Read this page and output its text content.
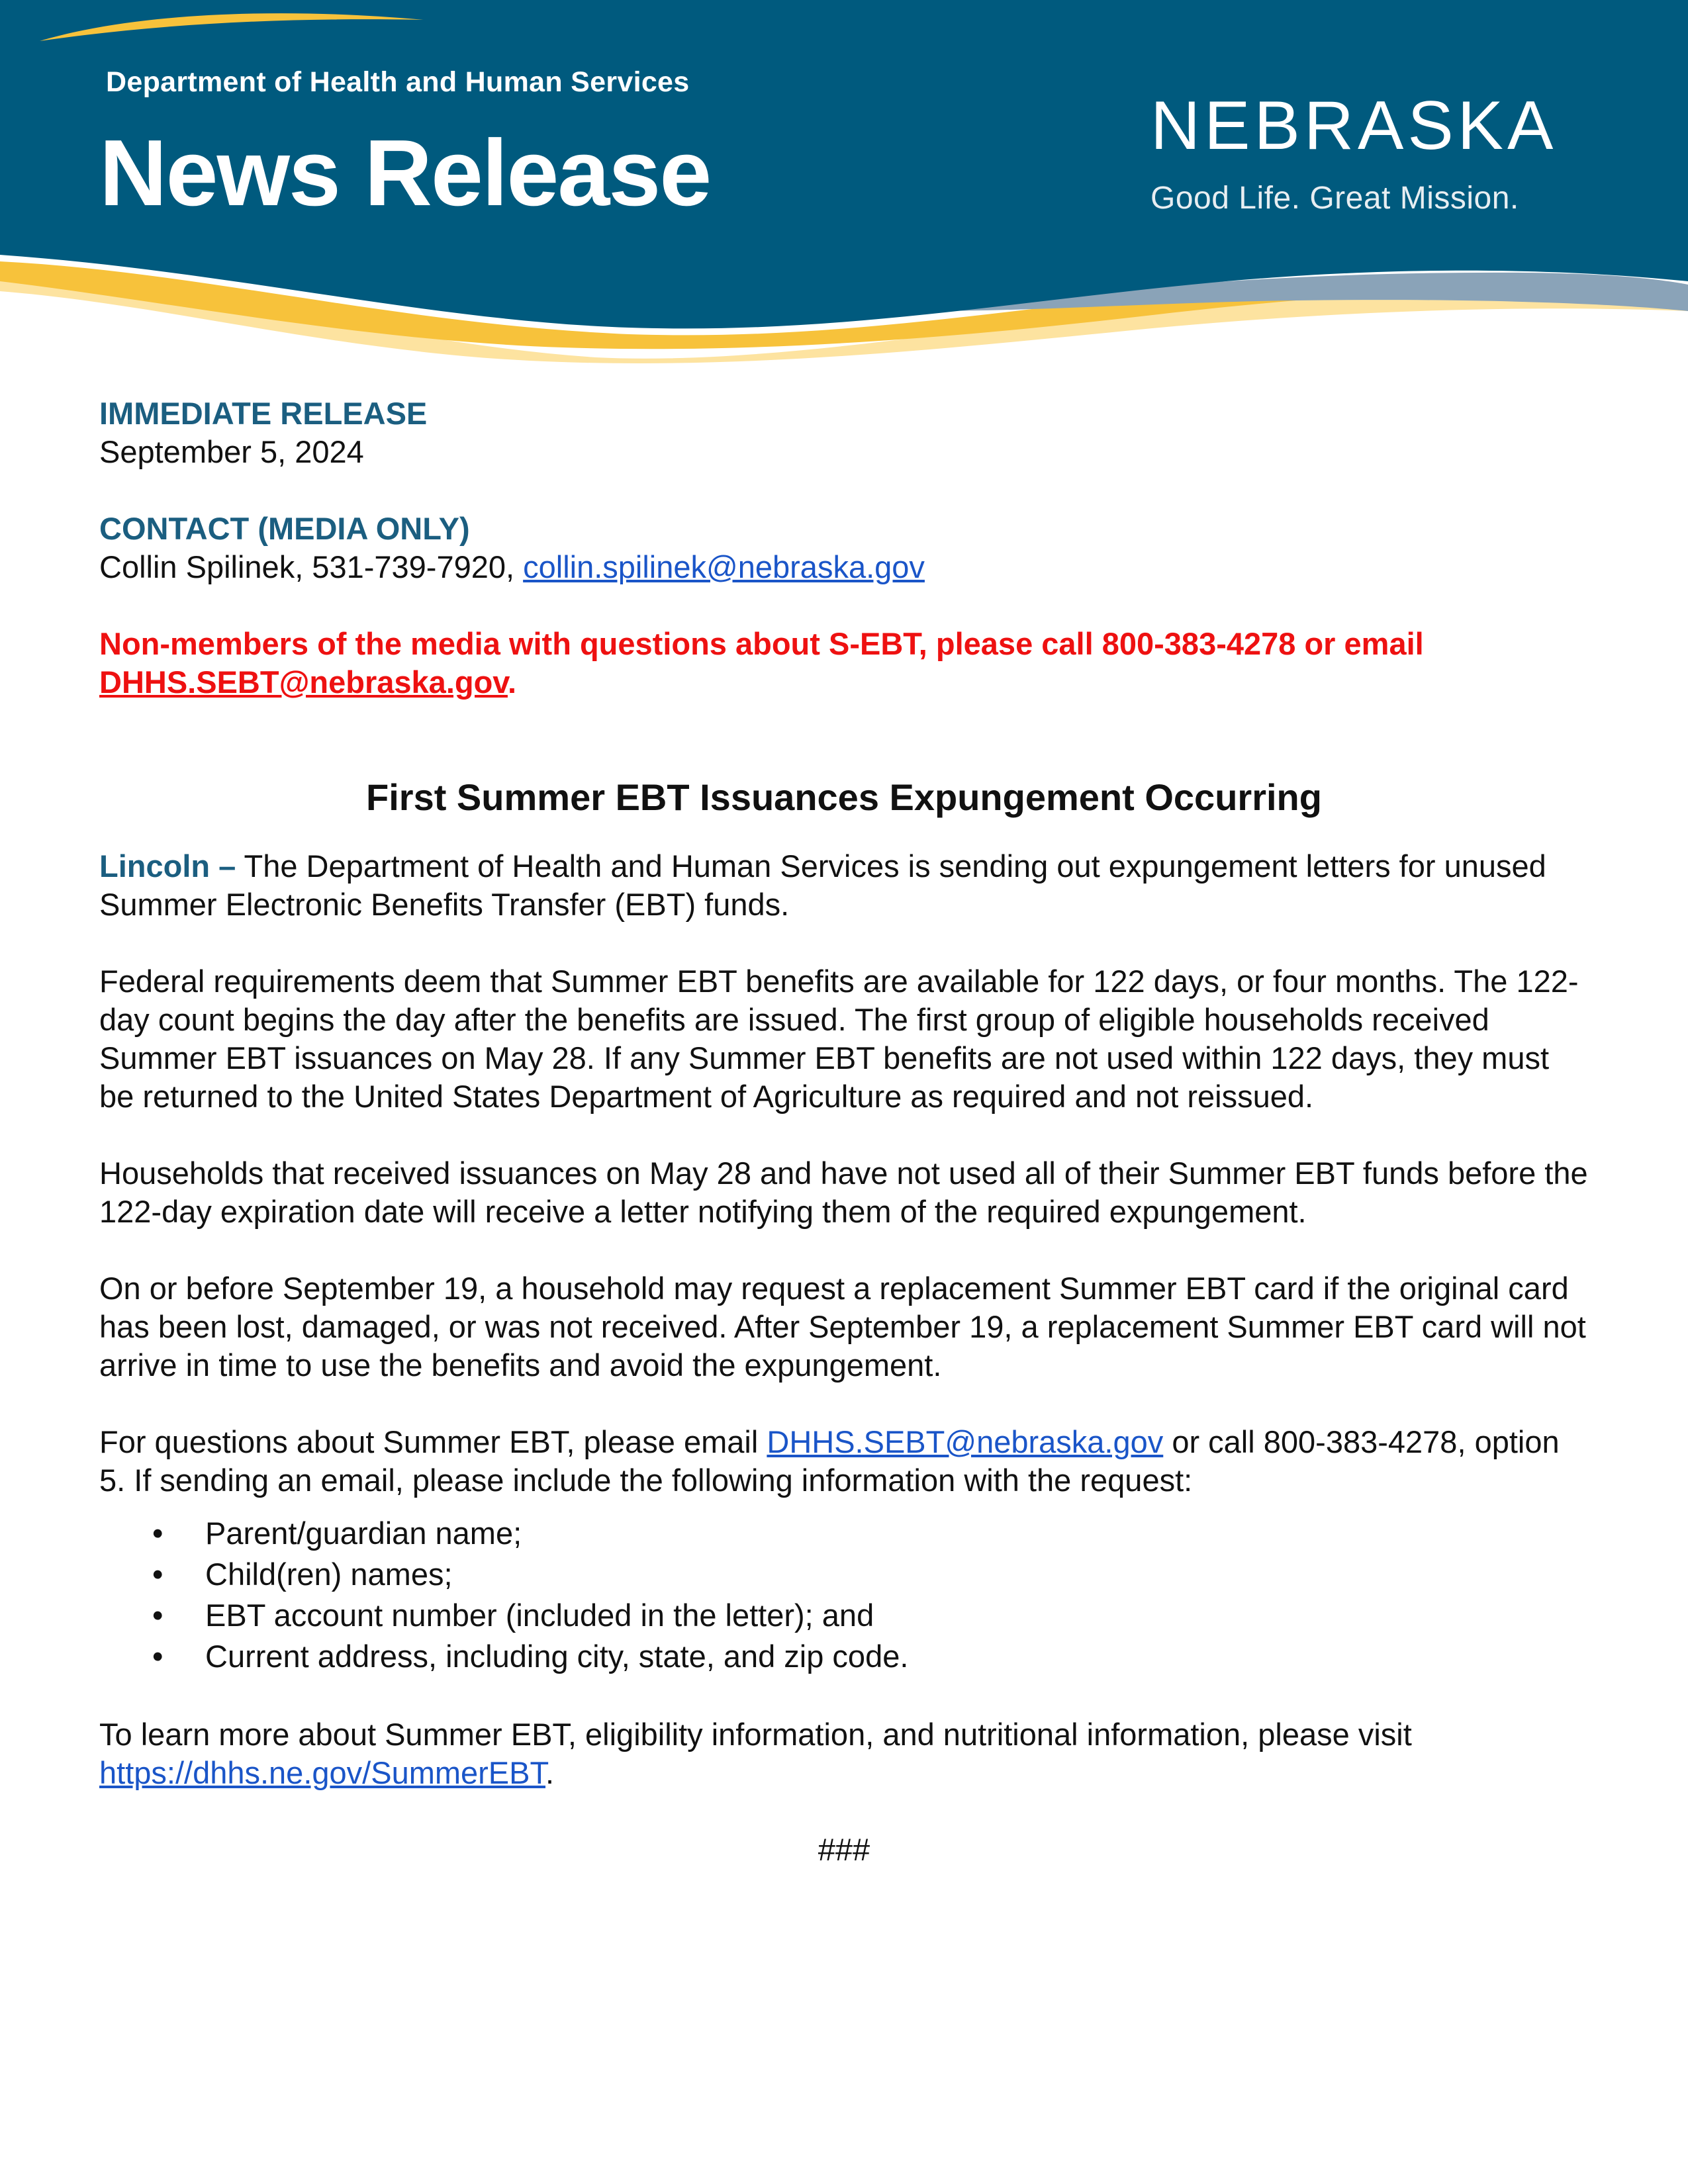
Department of Health and Human Services
News Release	NEBRASKA
Good Life. Great Mission.

IMMEDIATE RELEASE

September 5, 2024

CONTACT (MEDIA ONLY)

Collin Spilinek, 531-739-7920, collin.spilinek@nebraska.gov

Non-members of the media with questions about S-EBT, please call 800-383-4278 or email DHHS.SEBT@nebraska.gov.

First Summer EBT Issuances Expungement Occurring

Lincoln – The Department of Health and Human Services is sending out expungement letters for unused Summer Electronic Benefits Transfer (EBT) funds.

Federal requirements deem that Summer EBT benefits are available for 122 days, or four months. The 122-day count begins the day after the benefits are issued. The first group of eligible households received Summer EBT issuances on May 28. If any Summer EBT benefits are not used within 122 days, they must be returned to the United States Department of Agriculture as required and not reissued.

Households that received issuances on May 28 and have not used all of their Summer EBT funds before the 122-day expiration date will receive a letter notifying them of the required expungement.

On or before September 19, a household may request a replacement Summer EBT card if the original card has been lost, damaged, or was not received. After September 19, a replacement Summer EBT card will not arrive in time to use the benefits and avoid the expungement.

For questions about Summer EBT, please email DHHS.SEBT@nebraska.gov or call 800-383-4278, option 5. If sending an email, please include the following information with the request:

• Parent/guardian name;
• Child(ren) names;
• EBT account number (included in the letter); and
• Current address, including city, state, and zip code.

To learn more about Summer EBT, eligibility information, and nutritional information, please visit https://dhhs.ne.gov/SummerEBT.

###
